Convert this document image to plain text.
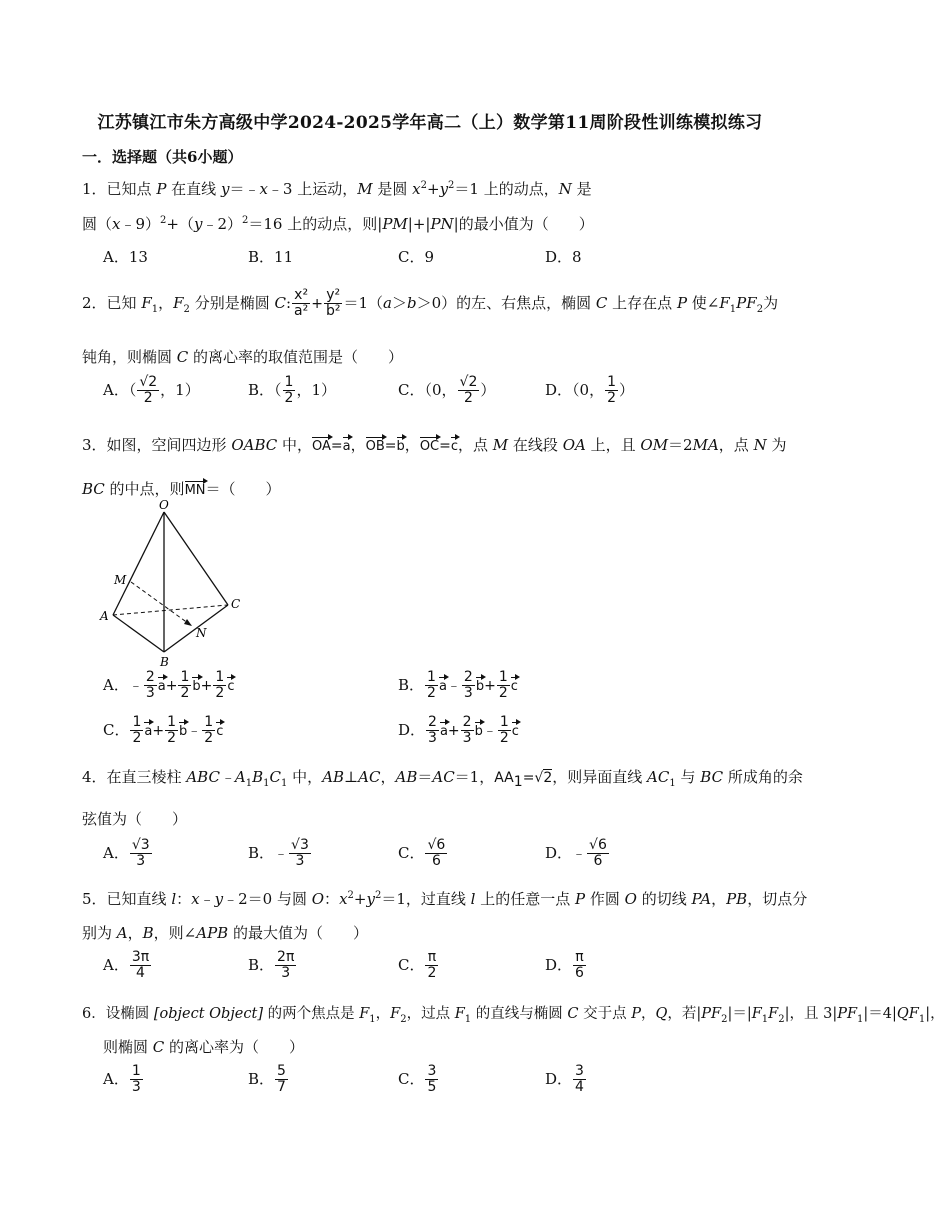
江苏镇江市朱方高级中学2024-2025学年高二（上）数学第11周阶段性训练模拟练习
一．选择题（共6小题）
1．已知点 P 在直线 y＝﹣x﹣3 上运动，M 是圆 $x^2+y^2=1$ 上的动点，N 是
圆（x﹣9）$^2$+（y﹣2）$^2$＝16 上的动点，则|PM|+|PN|的最小值为（　　）
A．13	B．11	C．9	D．8
2．已知 $F_1$，$F_2$ 分别是椭圆 C: $\frac{\text{x²}}{\text{a²}} + \frac{\text{y²}}{\text{b²}} =1(a>b>0)$的左、右焦点，椭圆 C 上存在点 P 使$\angle F_1PF_2$为
钝角，则椭圆 C 的离心率的取值范围是（　　）
A．（ $\frac{√2}{2}$ ，1）	B．（ $\frac{1}{2}$ ，1）	C．（0， $\frac{√2}{2}$ ）	D．（0， $\frac{1}{2}$ ）
3．如图，空间四边形 OABC 中，OA=a，OB=b，OC=c，点 M 在线段 OA 上，且 OM＝2MA，点 N 为
BC 的中点，则MN＝（　　）
O
M
A
C
N
B
A．﹣ $\frac{2}{3} a+ \frac{1}{2} b+ \frac{1}{2}$ c	B． $\frac{1}{2}$ a﹣ $\frac{2}{3} b+ \frac{1}{2}$ c
C． $\frac{1}{2} a+ \frac{1}{2}$ b﹣ $\frac{1}{2}$ c	D． $\frac{2}{3} a+ \frac{2}{3}$ b﹣ $\frac{1}{2}$ c
4．在直三棱柱 $ABC﹣A_1B_1C_1$ 中，AB⊥AC，AB＝AC＝1，$AA_1=√2$，则异面直线 $AC_1$ 与 BC 所成角的余
弦值为（　　）
A． $\frac{√3}{3}$	B．﹣ $\frac{√3}{3}$	C． $\frac{√6}{6}$	D．﹣ $\frac{√6}{6}$
5．已知直线 l：x﹣y﹣2＝0 与圆 O：$x^2+y^2=1$，过直线 l 上的任意一点 P 作圆 O 的切线 PA，PB，切点分
别为 A，B，则∠APB 的最大值为（　　）
A． $\frac{3\pi}{4}$	B． $\frac{2\pi}{3}$	C． $\frac{\pi}{2}$	D． $\frac{\pi}{6}$
6．设椭圆 [object Object] 的两个焦点是 $F_1$，$F_2$，过点 $F_1$ 的直线与椭圆 C 交于点 P，Q，若$|PF_2|=|F_1F_2|$，且 $3|PF_1|=4|QF_1|$，
则椭圆 C 的离心率为（　　）
A． $\frac{1}{3}$	B． $\frac{5}{7}$	C． $\frac{3}{5}$	D． $\frac{3}{4}$
